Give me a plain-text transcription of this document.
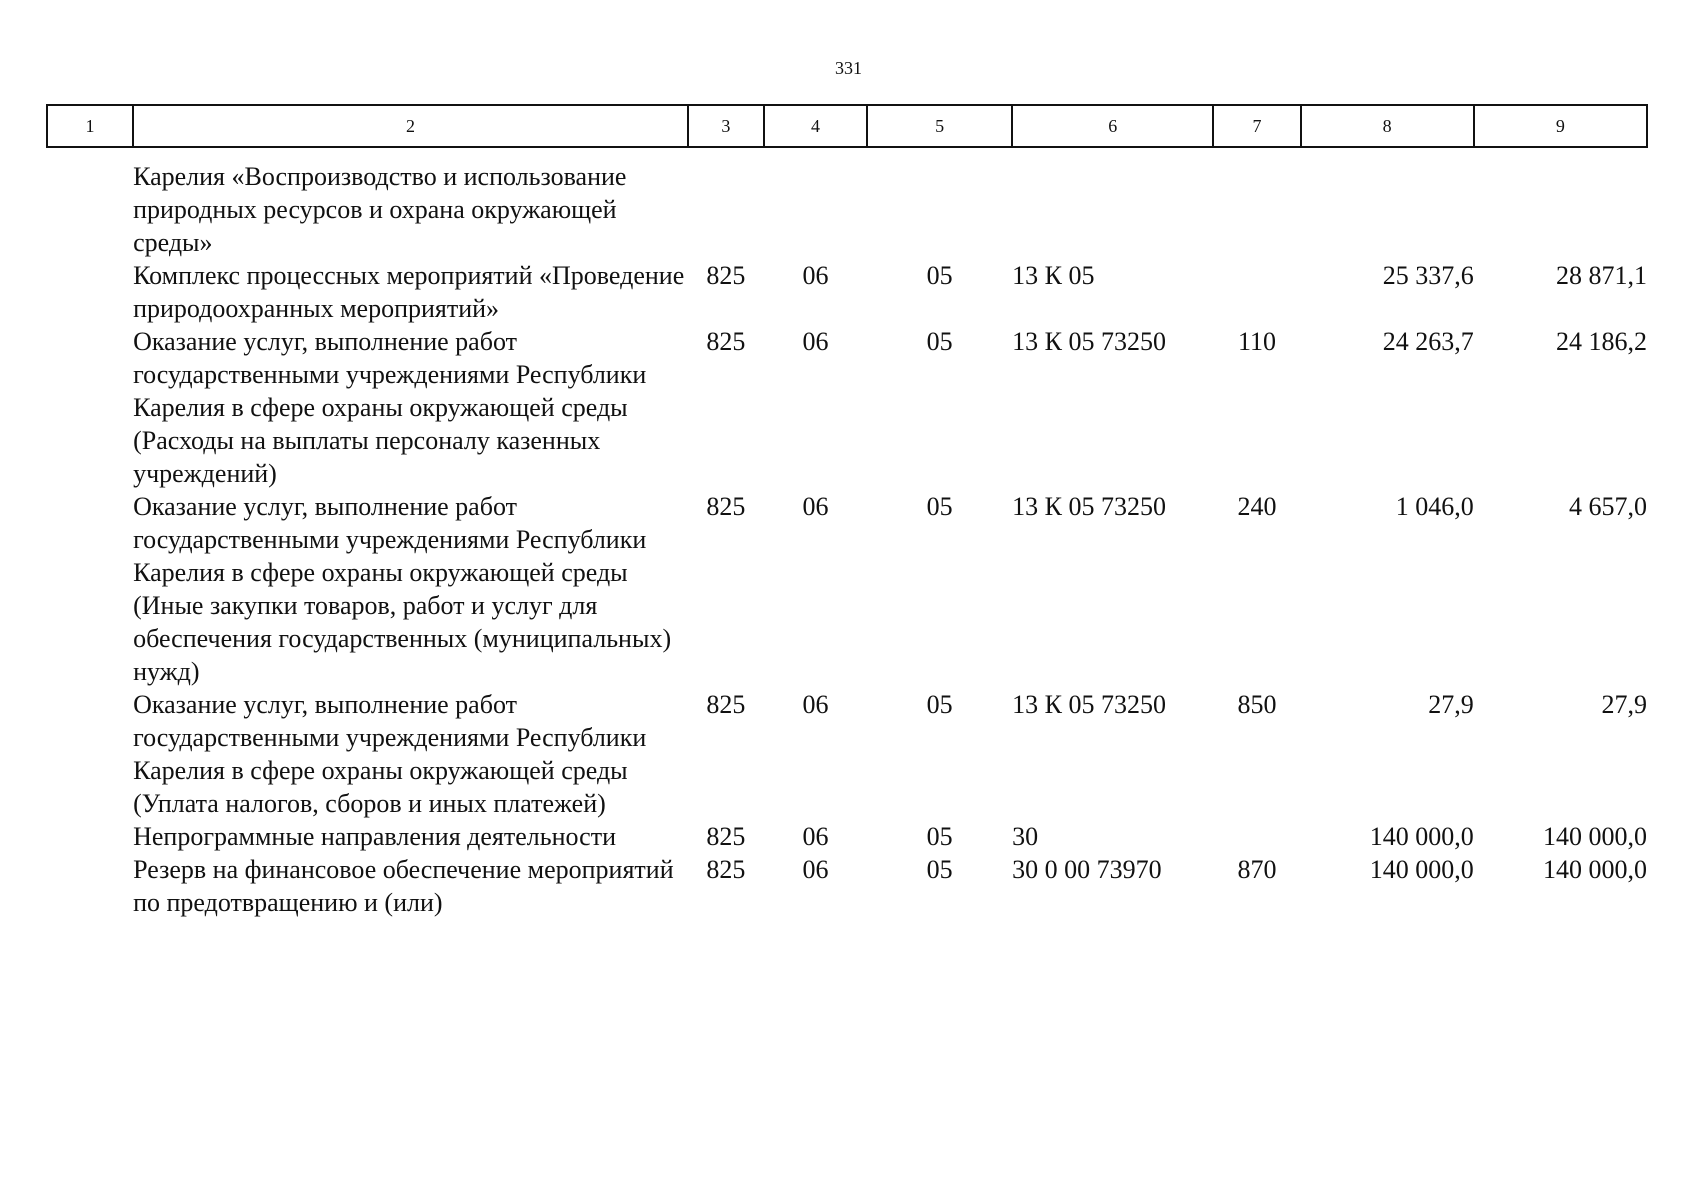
331
1	2	3	4	5	6	7	8	9
	Карелия «Воспроизводство и использование природных ресурсов и охрана окружающей среды»							
	Комплекс процессных мероприятий «Проведение природоохранных мероприятий»	825	06	05	13 К 05		25 337,6	28 871,1
	Оказание услуг, выполнение работ государственными учреждениями Республики Карелия в сфере охраны окружающей среды (Расходы на выплаты персоналу казенных учреждений)	825	06	05	13 К 05 73250	110	24 263,7	24 186,2
	Оказание услуг, выполнение работ государственными учреждениями Республики Карелия в сфере охраны окружающей среды (Иные закупки товаров, работ и услуг для обеспечения государственных (муниципальных) нужд)	825	06	05	13 К 05 73250	240	1 046,0	4 657,0
	Оказание услуг, выполнение работ государственными учреждениями Республики Карелия в сфере охраны окружающей среды (Уплата налогов, сборов и иных платежей)	825	06	05	13 К 05 73250	850	27,9	27,9
	Непрограммные направления деятельности	825	06	05	30		140 000,0	140 000,0
	Резерв на финансовое обеспечение мероприятий по предотвращению и (или)	825	06	05	30 0 00 73970	870	140 000,0	140 000,0
